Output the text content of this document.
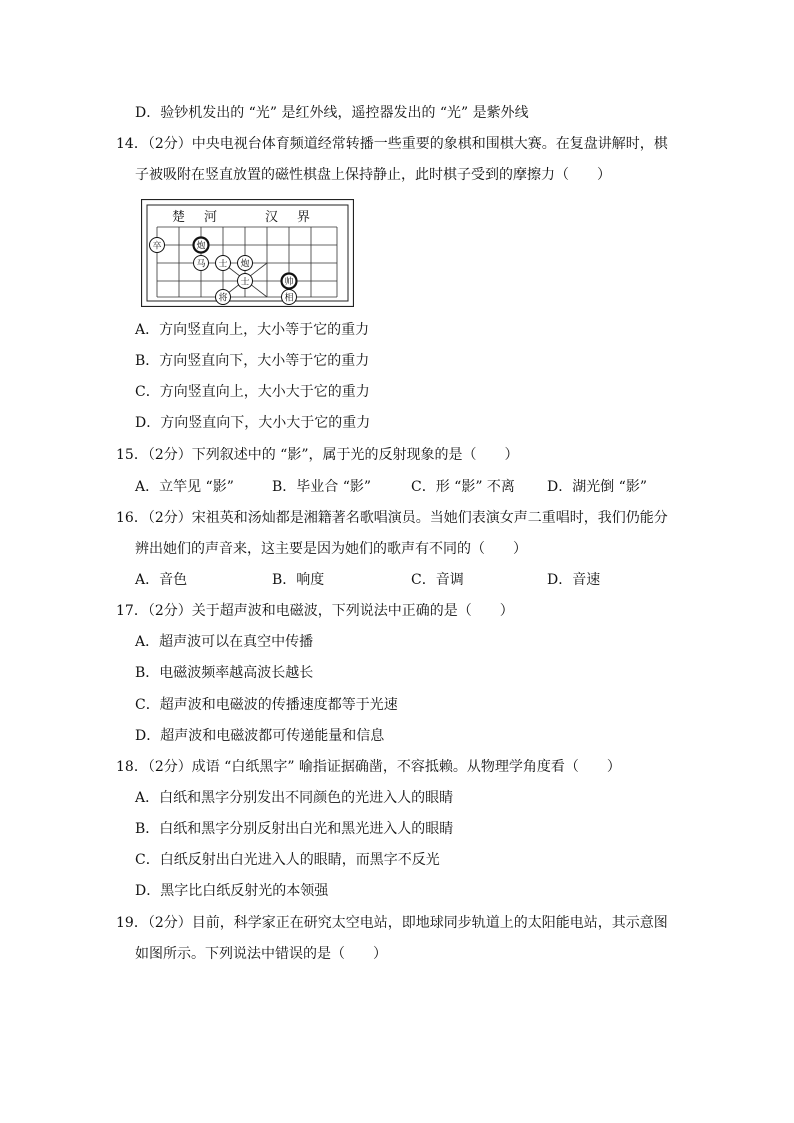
D．验钞机发出的 “光” 是红外线，遥控器发出的 “光” 是紫外线
14．（2分）中央电视台体育频道经常转播一些重要的象棋和围棋大赛。在复盘讲解时，棋
子被吸附在竖直放置的磁性棋盘上保持静止，此时棋子受到的摩擦力（　　）
楚 河	汉 界
卒	炮
马 士 炮
士
将
帅
相
A．方向竖直向上，大小等于它的重力
B．方向竖直向下，大小等于它的重力
C．方向竖直向上，大小大于它的重力
D．方向竖直向下，大小大于它的重力
15．（2分）下列叙述中的 “影”，属于光的反射现象的是（　　）
A．立竿见 “影”	B．毕业合 “影”	C．形 “影” 不离 D．湖光倒 “影”
16．（2分）宋祖英和汤灿都是湘籍著名歌唱演员。当她们表演女声二重唱时，我们仍能分
辨出她们的声音来，这主要是因为她们的歌声有不同的（　　）
A．音色	B．响度	C．音调	D．音速
17．（2分）关于超声波和电磁波，下列说法中正确的是（　　）
A．超声波可以在真空中传播
B．电磁波频率越高波长越长
C．超声波和电磁波的传播速度都等于光速
D．超声波和电磁波都可传递能量和信息
18．（2分）成语 “白纸黑字” 喻指证据确凿，不容抵赖。从物理学角度看（　　）
A．白纸和黑字分别发出不同颜色的光进入人的眼睛
B．白纸和黑字分别反射出白光和黑光进入人的眼睛
C．白纸反射出白光进入人的眼睛，而黑字不反光
D．黑字比白纸反射光的本领强
19．（2分）目前，科学家正在研究太空电站，即地球同步轨道上的太阳能电站，其示意图
如图所示。下列说法中错误的是（　　）
